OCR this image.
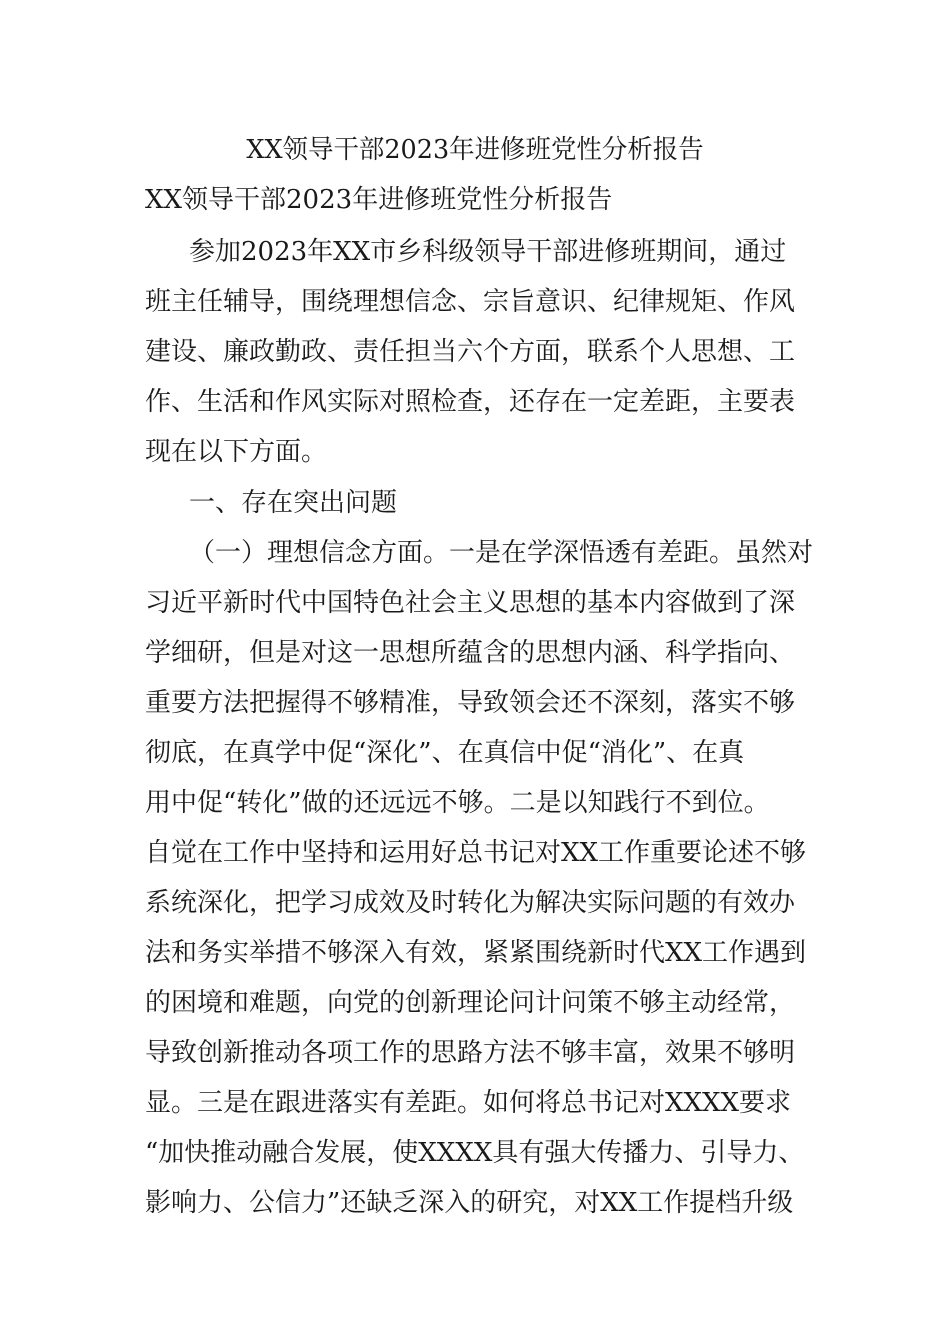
XX领导干部2023年进修班党性分析报告
XX领导干部2023年进修班党性分析报告
参加2023年XX市乡科级领导干部进修班期间，通过
班主任辅导，围绕理想信念、宗旨意识、纪律规矩、作风
建设、廉政勤政、责任担当六个方面，联系个人思想、工
作、生活和作风实际对照检查，还存在一定差距，主要表
现在以下方面。
一、存在突出问题
（一）理想信念方面。一是在学深悟透有差距。虽然对
习近平新时代中国特色社会主义思想的基本内容做到了深
学细研，但是对这一思想所蕴含的思想内涵、科学指向、
重要方法把握得不够精准，导致领会还不深刻，落实不够
彻底，在真学中促“深化”、在真信中促“消化”、在真
用中促“转化”做的还远远不够。二是以知践行不到位。
自觉在工作中坚持和运用好总书记对XX工作重要论述不够
系统深化，把学习成效及时转化为解决实际问题的有效办
法和务实举措不够深入有效，紧紧围绕新时代XX工作遇到
的困境和难题，向党的创新理论问计问策不够主动经常，
导致创新推动各项工作的思路方法不够丰富，效果不够明
显。三是在跟进落实有差距。如何将总书记对XXXX要求
“加快推动融合发展，使XXXX具有强大传播力、引导力、
影响力、公信力”还缺乏深入的研究，对XX工作提档升级
